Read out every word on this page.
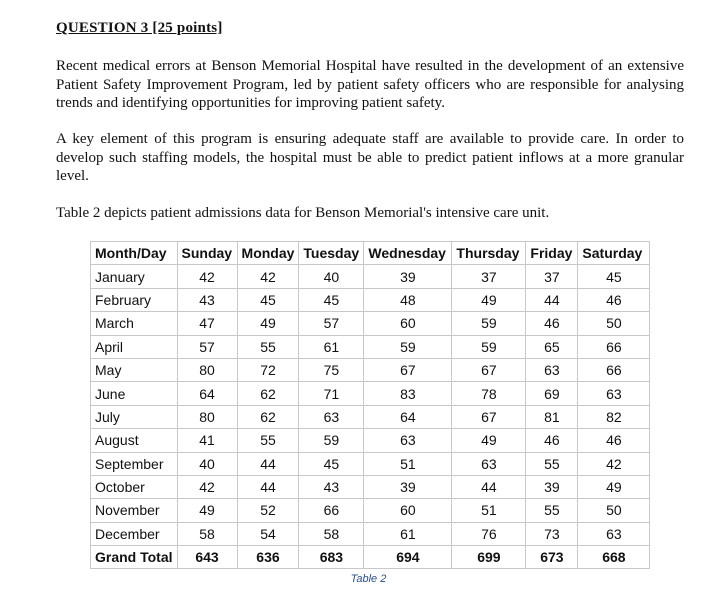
QUESTION 3 [25 points]
Recent medical errors at Benson Memorial Hospital have resulted in the development of an extensive Patient Safety Improvement Program, led by patient safety officers who are responsible for analysing trends and identifying opportunities for improving patient safety.
A key element of this program is ensuring adequate staff are available to provide care. In order to develop such staffing models, the hospital must be able to predict patient inflows at a more granular level.
Table 2 depicts patient admissions data for Benson Memorial's intensive care unit.
Month/Day	Sunday	Monday	Tuesday	Wednesday	Thursday	Friday	Saturday
January	42	42	40	39	37	37	45
February	43	45	45	48	49	44	46
March	47	49	57	60	59	46	50
April	57	55	61	59	59	65	66
May	80	72	75	67	67	63	66
June	64	62	71	83	78	69	63
July	80	62	63	64	67	81	82
August	41	55	59	63	49	46	46
September	40	44	45	51	63	55	42
October	42	44	43	39	44	39	49
November	49	52	66	60	51	55	50
December	58	54	58	61	76	73	63
Grand Total	643	636	683	694	699	673	668
Table 2
